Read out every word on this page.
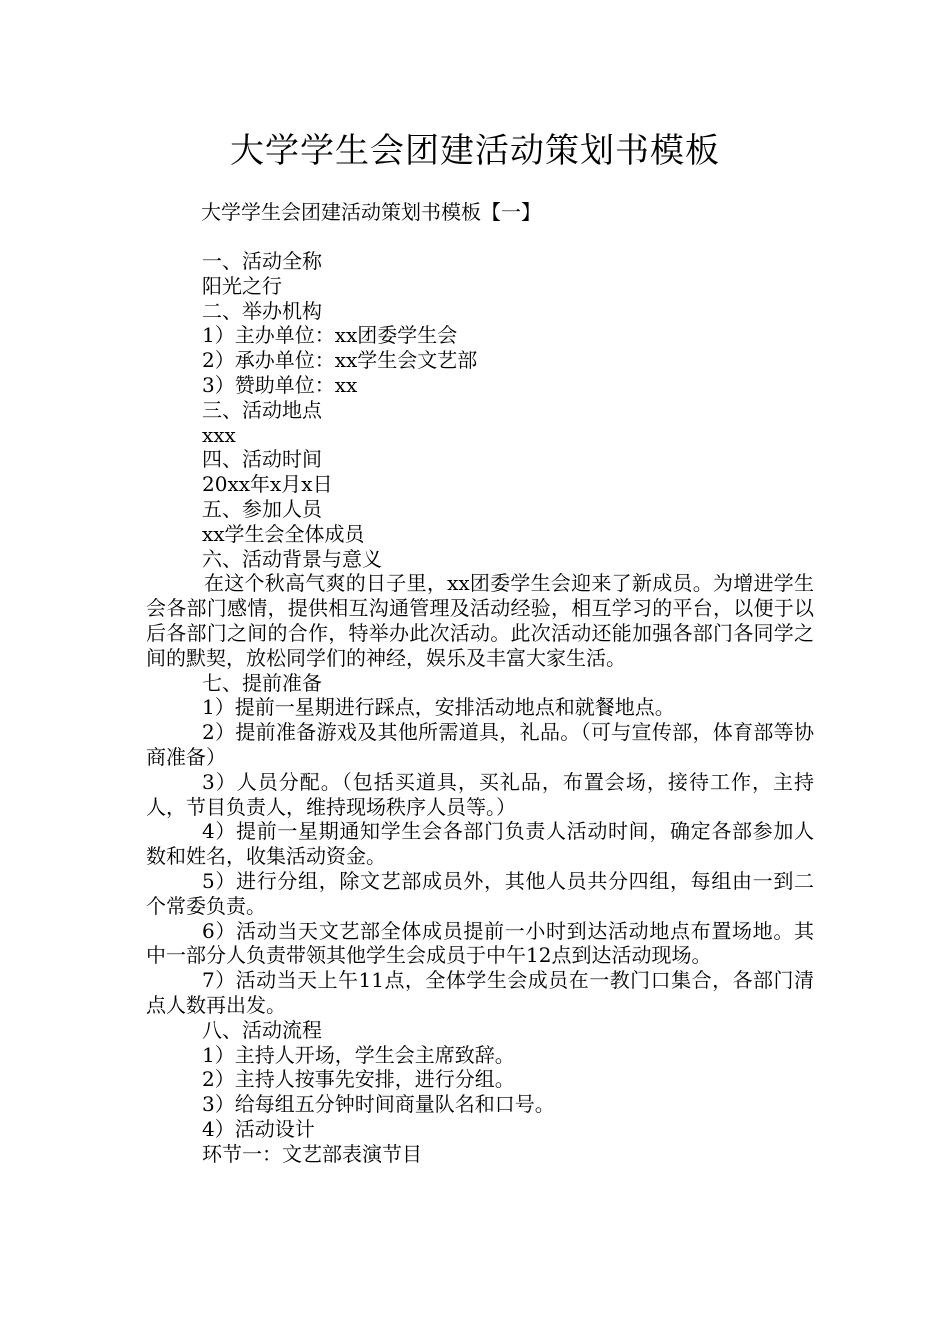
大学学生会团建活动策划书模板
大学学生会团建活动策划书模板【一】

一、活动全称

阳光之行

二、举办机构

1）主办单位：xx团委学生会

2）承办单位：xx学生会文艺部

3）赞助单位：xx

三、活动地点

xxx

四、活动时间

20xx年x月x日

五、参加人员

xx学生会全体成员

六、活动背景与意义

在这个秋高气爽的日子里，xx团委学生会迎来了新成员。为增进学生会各部门感情，提供相互沟通管理及活动经验，相互学习的平台，以便于以后各部门之间的合作，特举办此次活动。此次活动还能加强各部门各同学之间的默契，放松同学们的神经，娱乐及丰富大家生活。

七、提前准备

1）提前一星期进行踩点，安排活动地点和就餐地点。

2）提前准备游戏及其他所需道具，礼品。（可与宣传部，体育部等协商准备）

3）人员分配。（包括买道具，买礼品，布置会场，接待工作，主持人，节目负责人，维持现场秩序人员等。）

4）提前一星期通知学生会各部门负责人活动时间，确定各部参加人数和姓名，收集活动资金。

5）进行分组，除文艺部成员外，其他人员共分四组，每组由一到二个常委负责。

6）活动当天文艺部全体成员提前一小时到达活动地点布置场地。其中一部分人负责带领其他学生会成员于中午12点到达活动现场。

7）活动当天上午11点，全体学生会成员在一教门口集合，各部门清点人数再出发。

八、活动流程

1）主持人开场，学生会主席致辞。

2）主持人按事先安排，进行分组。

3）给每组五分钟时间商量队名和口号。

4）活动设计

环节一：文艺部表演节目
